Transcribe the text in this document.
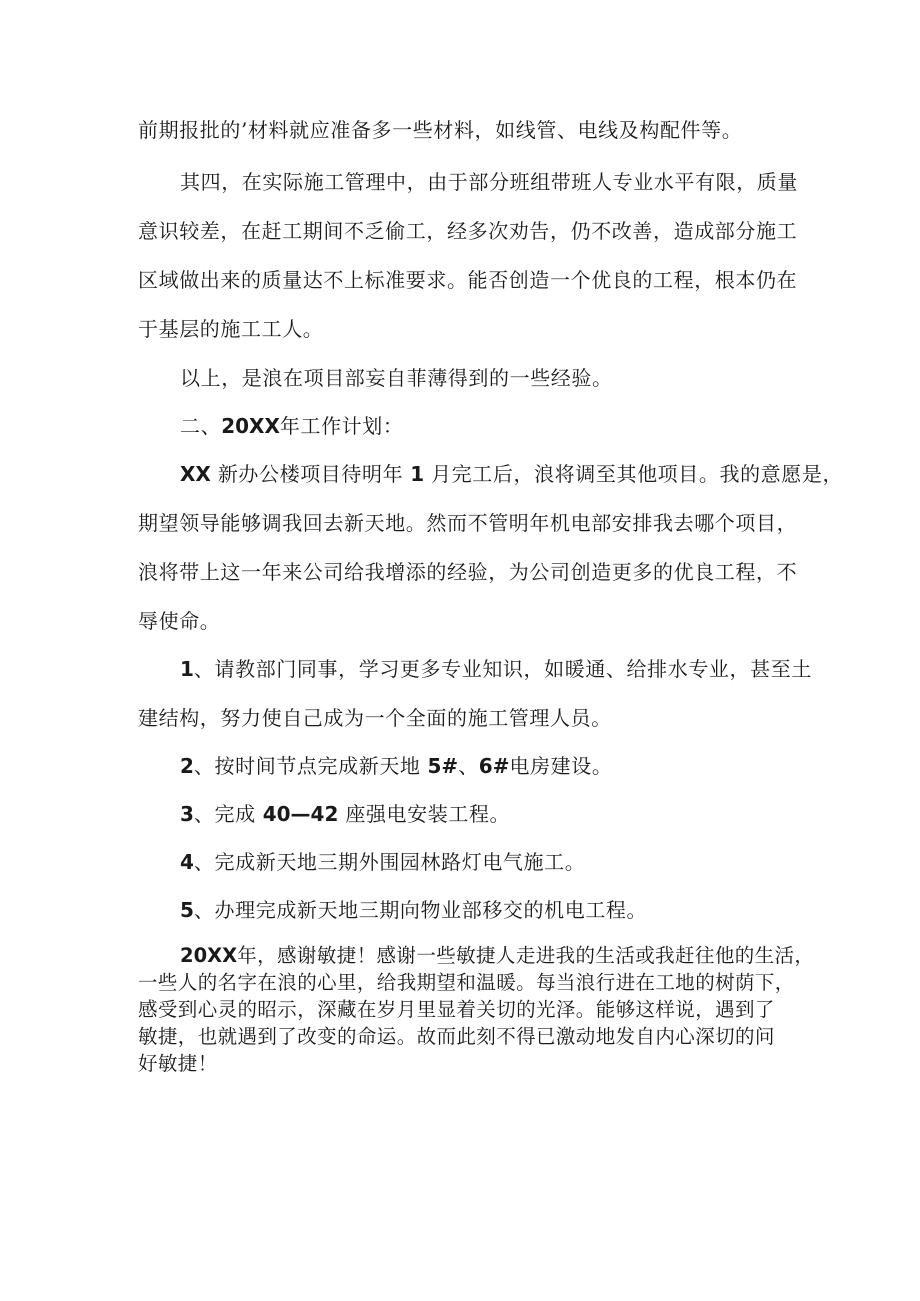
前期报批的’材料就应准备多一些材料，如线管、电线及构配件等。
其四，在实际施工管理中，由于部分班组带班人专业水平有限，质量
意识较差，在赶工期间不乏偷工，经多次劝告，仍不改善，造成部分施工
区域做出来的质量达不上标准要求。能否创造一个优良的工程，根本仍在
于基层的施工工人。
以上，是浪在项目部妄自菲薄得到的一些经验。
二、20XX年工作计划：
XX 新办公楼项目待明年 1 月完工后，浪将调至其他项目。我的意愿是，
期望领导能够调我回去新天地。然而不管明年机电部安排我去哪个项目，
浪将带上这一年来公司给我增添的经验，为公司创造更多的优良工程，不
辱使命。
1、请教部门同事，学习更多专业知识，如暖通、给排水专业，甚至土
建结构，努力使自己成为一个全面的施工管理人员。
2、按时间节点完成新天地 5#、6#电房建设。
3、完成 40—42 座强电安装工程。
4、完成新天地三期外围园林路灯电气施工。
5、办理完成新天地三期向物业部移交的机电工程。
20XX年，感谢敏捷！感谢一些敏捷人走进我的生活或我赶往他的生活，
一些人的名字在浪的心里，给我期望和温暖。每当浪行进在工地的树荫下，
感受到心灵的昭示，深藏在岁月里显着关切的光泽。能够这样说，遇到了
敏捷，也就遇到了改变的命运。故而此刻不得已激动地发自内心深切的问
好敏捷！
